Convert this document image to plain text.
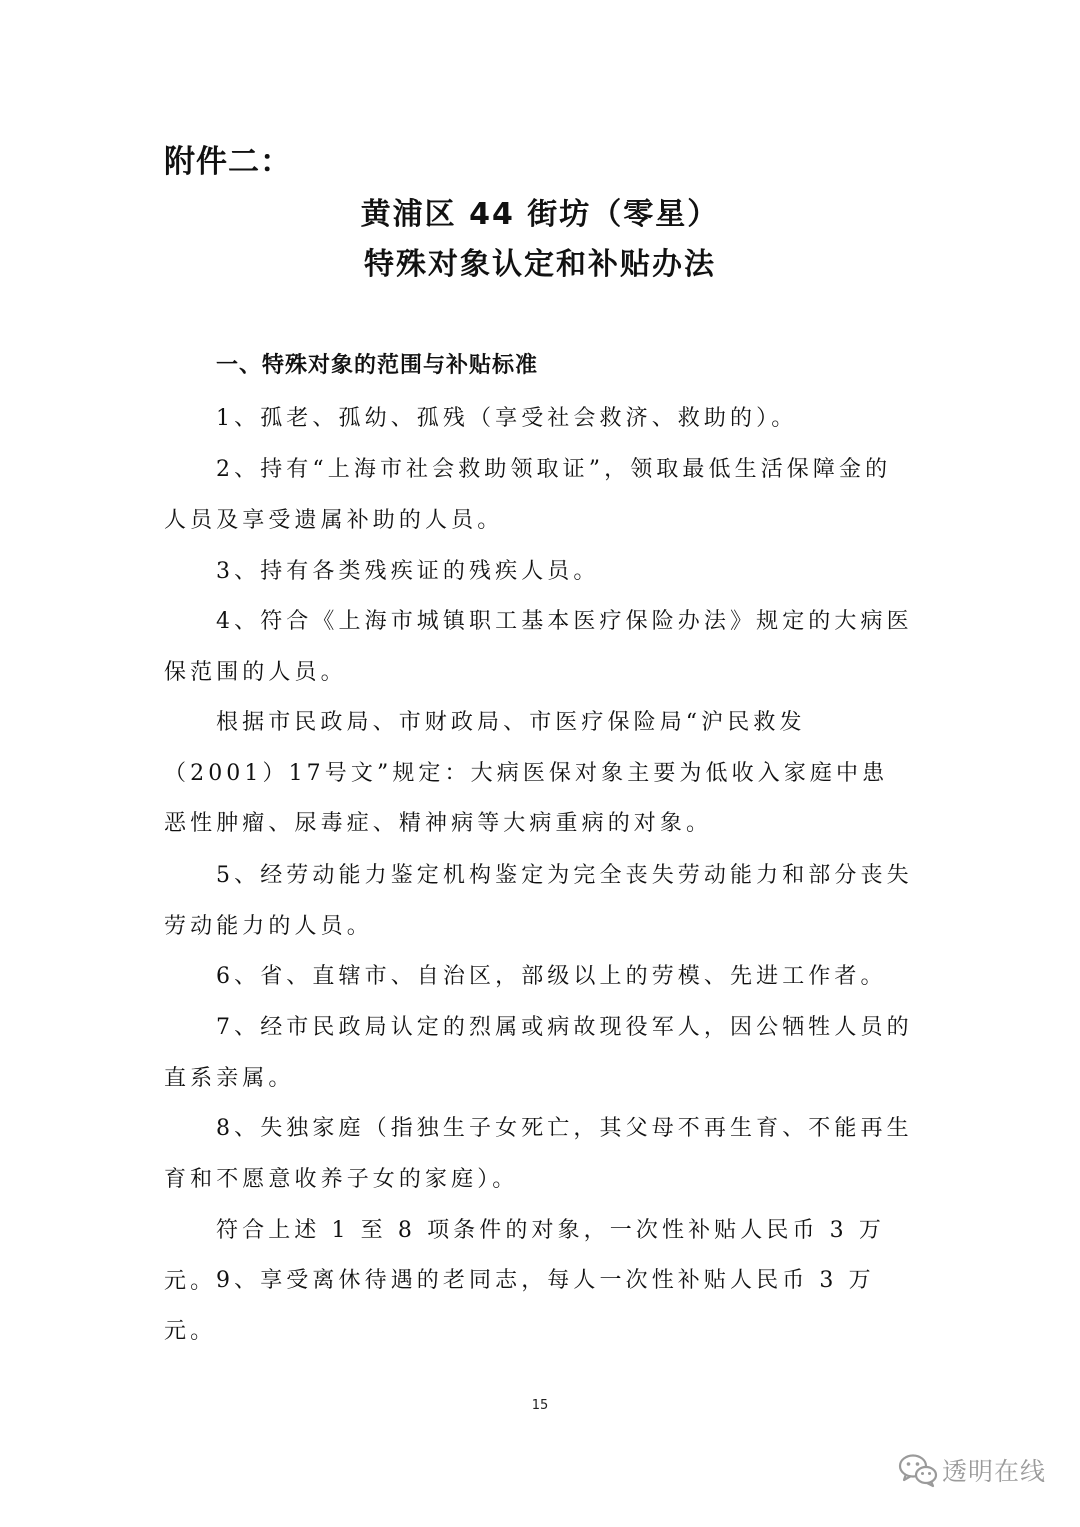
附件二：
黄浦区 44 街坊（零星）
特殊对象认定和补贴办法
一、特殊对象的范围与补贴标准

1、孤老、孤幼、孤残（享受社会救济、救助的）。

2、持有“上海市社会救助领取证”，领取最低生活保障金的人员及享受遗属补助的人员。

3、持有各类残疾证的残疾人员。

4、符合《上海市城镇职工基本医疗保险办法》规定的大病医保范围的人员。

根据市民政局、市财政局、市医疗保险局“沪民救发（2001）17号文”规定：大病医保对象主要为低收入家庭中患恶性肿瘤、尿毒症、精神病等大病重病的对象。

5、经劳动能力鉴定机构鉴定为完全丧失劳动能力和部分丧失劳动能力的人员。

6、省、直辖市、自治区，部级以上的劳模、先进工作者。

7、经市民政局认定的烈属或病故现役军人，因公牺牲人员的直系亲属。

8、失独家庭（指独生子女死亡，其父母不再生育、不能再生育和不愿意收养子女的家庭）。

符合上述 1 至 8 项条件的对象，一次性补贴人民币 3 万元。 9、享受离休待遇的老同志，每人一次性补贴人民币 3 万元。

15
透明在线
